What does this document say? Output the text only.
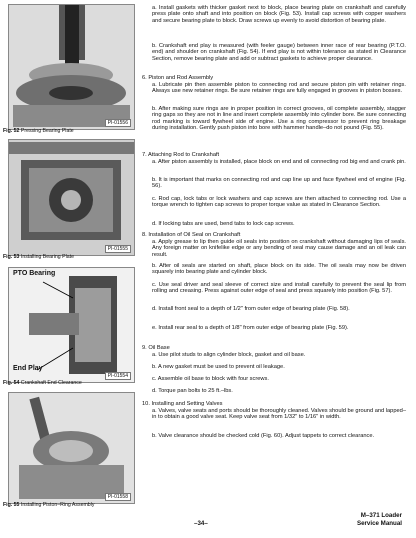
PI-01556
Fig. 52 Pressing Bearing Plate
PI-01555
Fig. 53 Installing Bearing Plate
PTO Bearing
End Play
PI-01554
Fig. 54 Crankshaft End Clearance
PI-01558
Fig. 55 Installing Piston–Ring Assembly
a. Install gaskets with thicker gasket next to block, place bearing plate on crankshaft and carefully press plate onto shaft and into position on block (Fig. 53). Install cap screws with copper washers and secure bearing plate to block. Draw screws up evenly to avoid distortion of bearing plate.
b. Crankshaft end play is measured (with feeler gauge) between inner race of rear bearing (P.T.O. end) and shoulder on crankshaft (Fig. 54). If end play is not within tolerance as stated in Clearance Section, remove bearing plate and add or subtract gaskets to achieve proper clearance.
6. Piston and Rod Assembly
a. Lubricate pin then assemble piston to connecting rod and secure piston pin with retainer rings. Always use new retainer rings. Be sure retainer rings are fully engaged in grooves in piston bosses.
b. After making sure rings are in proper position in correct grooves, oil complete assembly, stagger ring gaps so they are not in line and insert complete assembly into cylinder bore. Be sure connecting rod marking is toward flywheel side of engine. Use a ring compressor to prevent ring breakage during installation. Gently push piston into bore with hammer handle–do not pound (Fig. 55).
7. Attaching Rod to Crankshaft
a. After piston assembly is installed, place block on end and oil connecting rod big end and crank pin.
b. It is important that marks on connecting rod and cap line up and face flywheel end of engine (Fig. 56).
c. Rod cap, lock tabs or lock washers and cap screws are then attached to connecting rod. Use a torque wrench to tighten cap screws to proper torque value as stated in Clearance Section.
d. If locking tabs are used, bend tabs to lock cap screws.
8. Installation of Oil Seal on Crankshaft
a. Apply grease to lip then guide oil seals into position on crankshaft without damaging lips of seals. Any foreign matter on knifelike edge or any bending of seal may cause damage and an oil leak can result.
b. After oil seals are started on shaft, place block on its side. The oil seals may now be driven squarely into bearing plate and cylinder block.
c. Use seal driver and seal sleeve of correct size and install carefully to prevent the seal lip from rolling and creasing. Press against outer edge of seal and press squarely into position (Fig. 57).
d. Install front seal to a depth of 1/2" from outer edge of bearing plate (Fig. 58).
e. Install rear seal to a depth of 1/8" from outer edge of bearing plate (Fig. 59).
9. Oil Base
a. Use pilot studs to align cylinder block, gasket and oil base.
b. A new gasket must be used to prevent oil leakage.
c. Assemble oil base to block with four screws.
d. Torque pan bolts to 25 ft.–lbs.
10. Installing and Setting Valves
a. Valves, valve seats and ports should be thoroughly cleaned. Valves should be ground and lapped–in to obtain a good valve seat. Keep valve seat from 1/32" to 1/16" in width.
b. Valve clearance should be checked cold (Fig. 60). Adjust tappets to correct clearance.
–34–
M–371 Loader
Service Manual
